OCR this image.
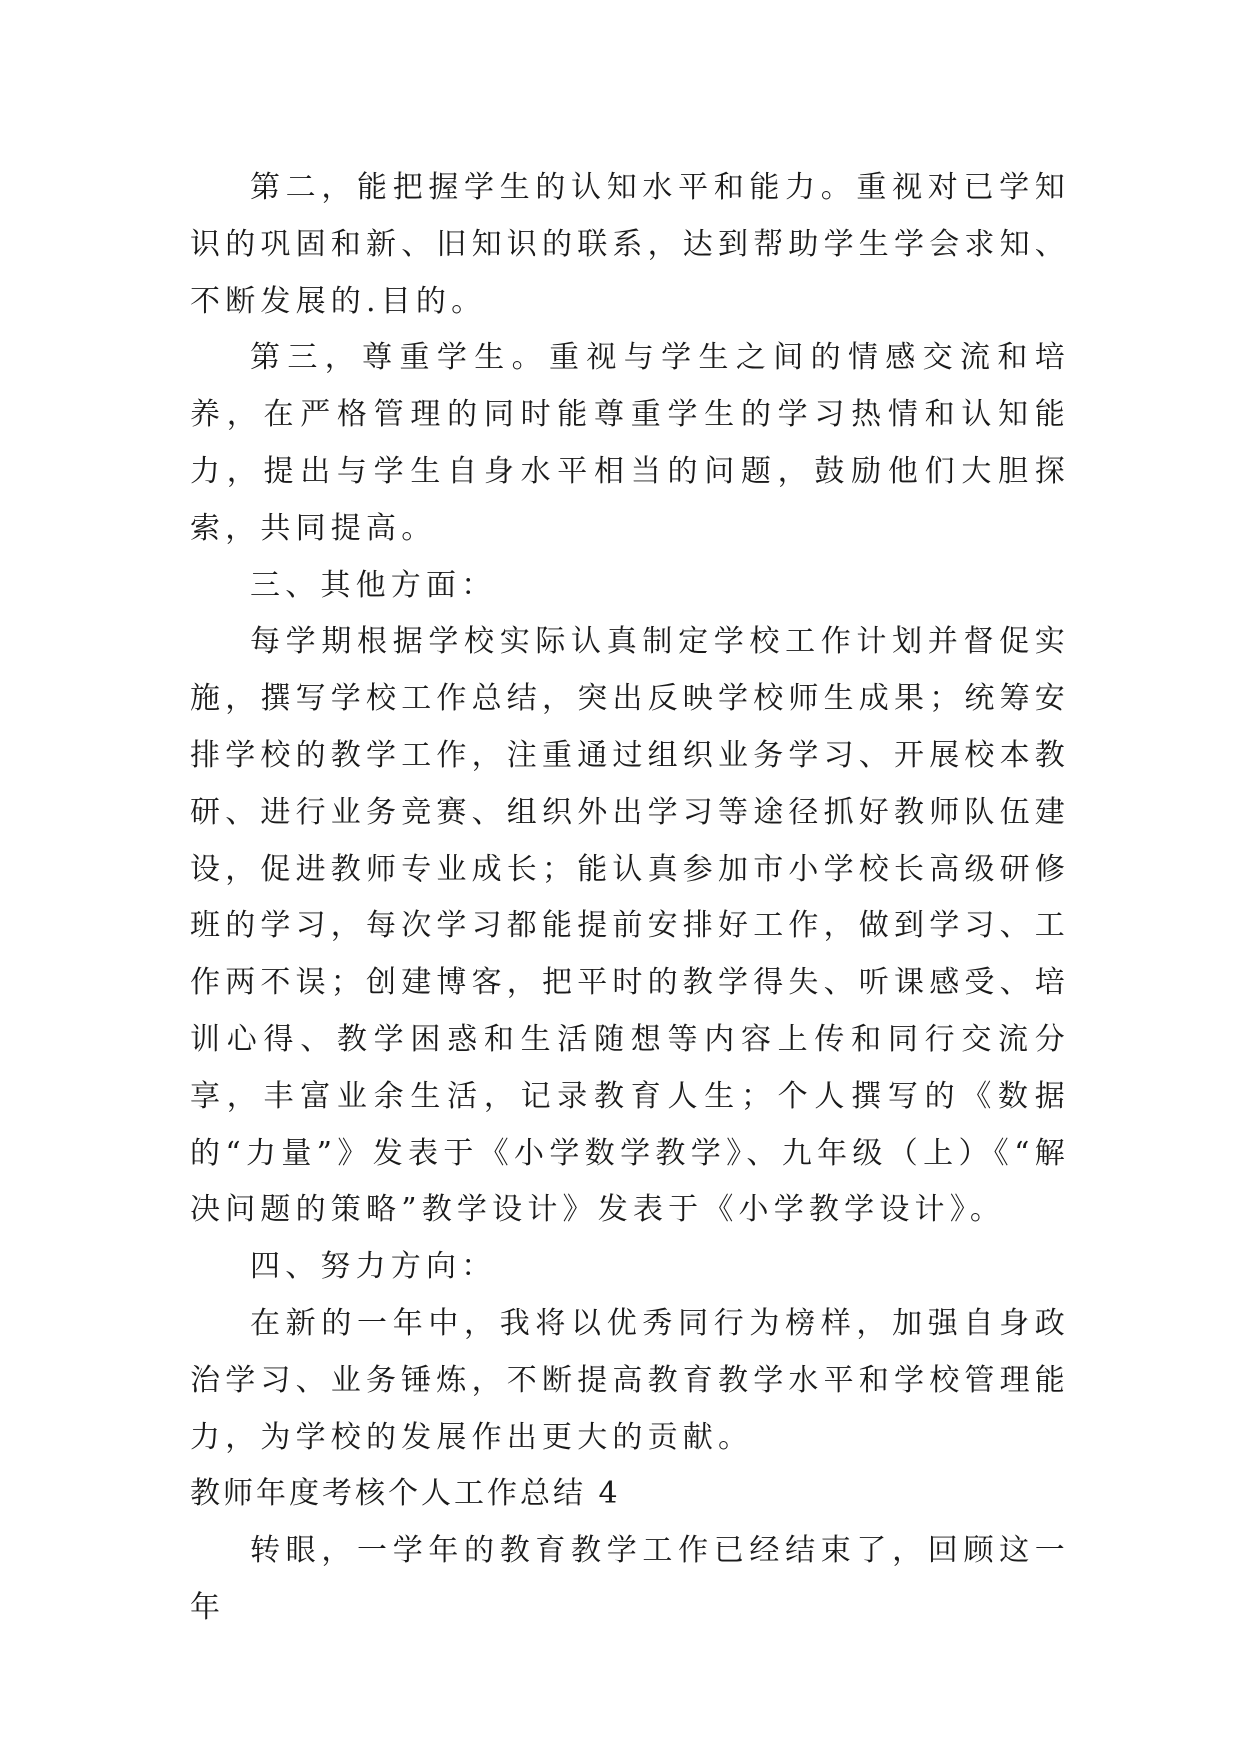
第二，能把握学生的认知水平和能力。重视对已学知识的巩固和新、旧知识的联系，达到帮助学生学会求知、不断发展的.目的。

第三，尊重学生。重视与学生之间的情感交流和培养，在严格管理的同时能尊重学生的学习热情和认知能力，提出与学生自身水平相当的问题，鼓励他们大胆探索，共同提高。

三、其他方面：

每学期根据学校实际认真制定学校工作计划并督促实施，撰写学校工作总结，突出反映学校师生成果；统筹安排学校的教学工作，注重通过组织业务学习、开展校本教研、进行业务竞赛、组织外出学习等途径抓好教师队伍建设，促进教师专业成长；能认真参加市小学校长高级研修班的学习，每次学习都能提前安排好工作，做到学习、工作两不误；创建博客，把平时的教学得失、听课感受、培训心得、教学困惑和生活随想等内容上传和同行交流分享，丰富业余生活，记录教育人生；个人撰写的《数据的“力量”》发表于《小学数学教学》、九年级（上）《“解决问题的策略”教学设计》发表于《小学教学设计》。

四、努力方向：

在新的一年中，我将以优秀同行为榜样，加强自身政治学习、业务锤炼，不断提高教育教学水平和学校管理能力，为学校的发展作出更大的贡献。

教师年度考核个人工作总结 4

转眼，一学年的教育教学工作已经结束了，回顾这一年
